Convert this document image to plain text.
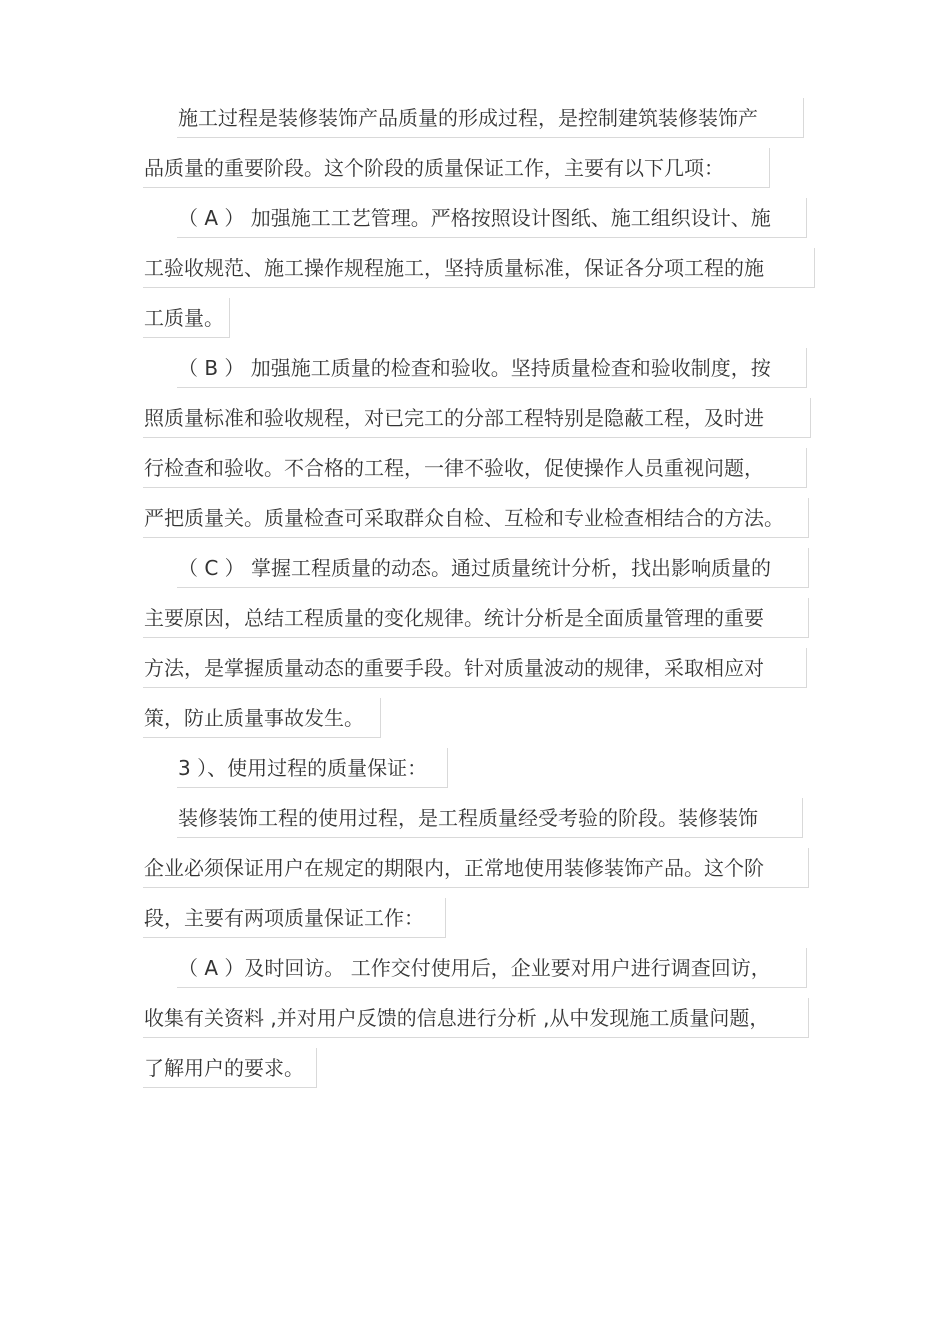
施工过程是装修装饰产品质量的形成过程，是控制建筑装修装饰产
品质量的重要阶段。这个阶段的质量保证工作，主要有以下几项：
（ A ） 加强施工工艺管理。严格按照设计图纸、施工组织设计、施
工验收规范、施工操作规程施工，坚持质量标准，保证各分项工程的施
工质量。
（ B ） 加强施工质量的检查和验收。坚持质量检查和验收制度，按
照质量标准和验收规程，对已完工的分部工程特别是隐蔽工程，及时进
行检查和验收。不合格的工程，一律不验收，促使操作人员重视问题，
严把质量关。质量检查可采取群众自检、互检和专业检查相结合的方法。
（ C ） 掌握工程质量的动态。通过质量统计分析，找出影响质量的
主要原因，总结工程质量的变化规律。统计分析是全面质量管理的重要
方法，是掌握质量动态的重要手段。针对质量波动的规律，采取相应对
策，防止质量事故发生。
3 ）、使用过程的质量保证：
装修装饰工程的使用过程，是工程质量经受考验的阶段。装修装饰
企业必须保证用户在规定的期限内，正常地使用装修装饰产品。这个阶
段，主要有两项质量保证工作：
（ A ）及时回访。 工作交付使用后，企业要对用户进行调查回访，
收集有关资料 ,并对用户反馈的信息进行分析 ,从中发现施工质量问题，
了解用户的要求。
